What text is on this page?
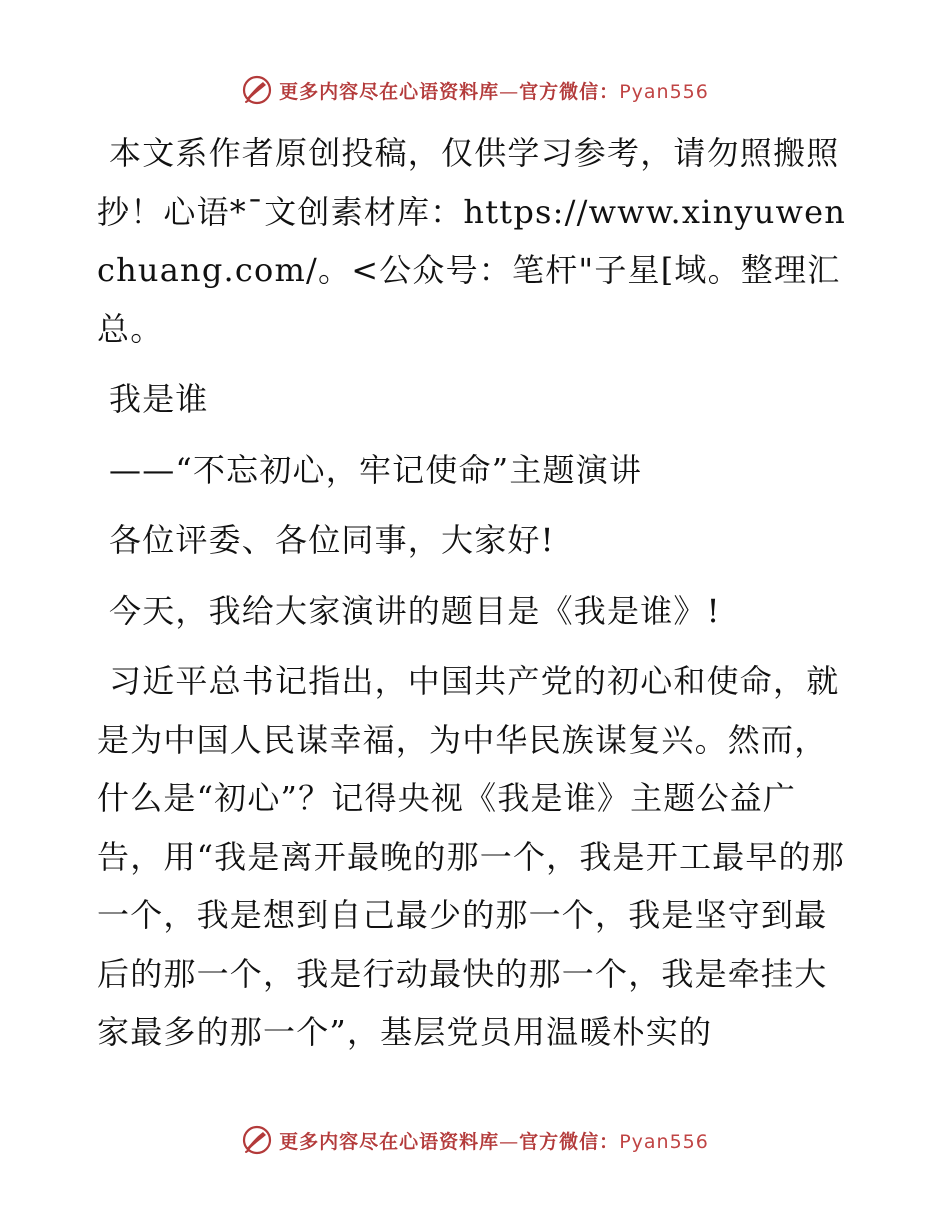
更多内容尽在心语资料库—官方微信：Pyan556

本文系作者原创投稿，仅供学习参考，请勿照搬照抄！心语*¯文创素材库：https://www.xinyuwenchuang.com/。<公众号：笔杆"子星[域。整理汇总。

我是谁

——“不忘初心，牢记使命”主题演讲

各位评委、各位同事，大家好!

今天，我给大家演讲的题目是《我是谁》!

习近平总书记指出，中国共产党的初心和使命，就是为中国人民谋幸福，为中华民族谋复兴。然而，什么是“初心”？记得央视《我是谁》主题公益广告，用“我是离开最晚的那一个，我是开工最早的那一个，我是想到自己最少的那一个，我是坚守到最后的那一个，我是行动最快的那一个，我是牵挂大家最多的那一个”，基层党员用温暖朴实的

更多内容尽在心语资料库—官方微信：Pyan556
